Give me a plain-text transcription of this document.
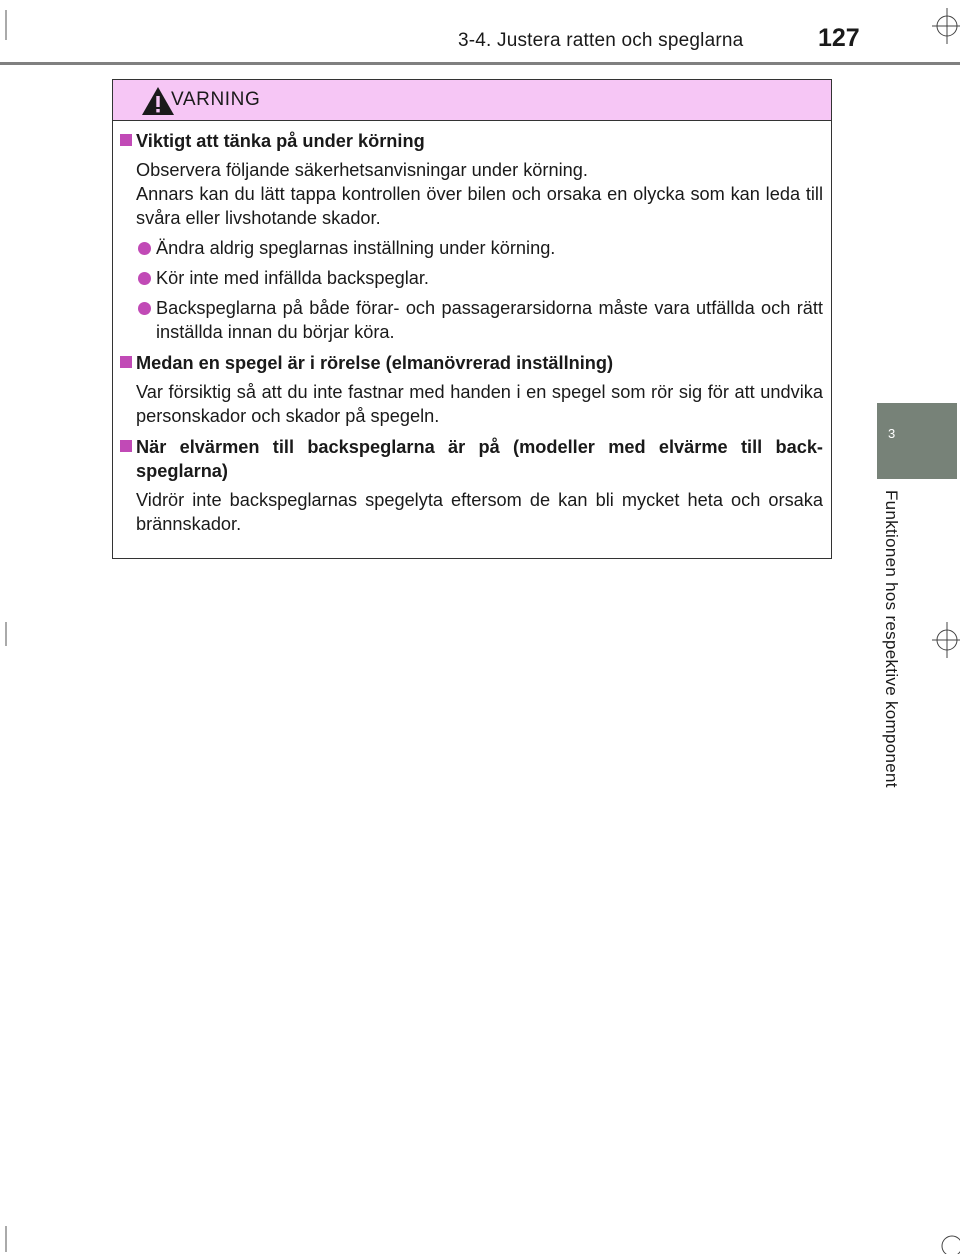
3-4. Justera ratten och speglarna	127
3
Funktionen hos respektive komponent
VARNING
Viktigt att tänka på under körning
Observera följande säkerhetsanvisningar under körning.
Annars kan du lätt tappa kontrollen över bilen och orsaka en olycka som kan leda till svåra eller livshotande skador.
Ändra aldrig speglarnas inställning under körning.
Kör inte med infällda backspeglar.
Backspeglarna på både förar- och passagerarsidorna måste vara utfällda och rätt inställda innan du börjar köra.
Medan en spegel är i rörelse (elmanövrerad inställning)
Var försiktig så att du inte fastnar med handen i en spegel som rör sig för att undvika personskador och skador på spegeln.
När elvärmen till backspeglarna är på (modeller med elvärme till back-speglarna)
Vidrör inte backspeglarnas spegelyta eftersom de kan bli mycket heta och orsaka brännskador.
